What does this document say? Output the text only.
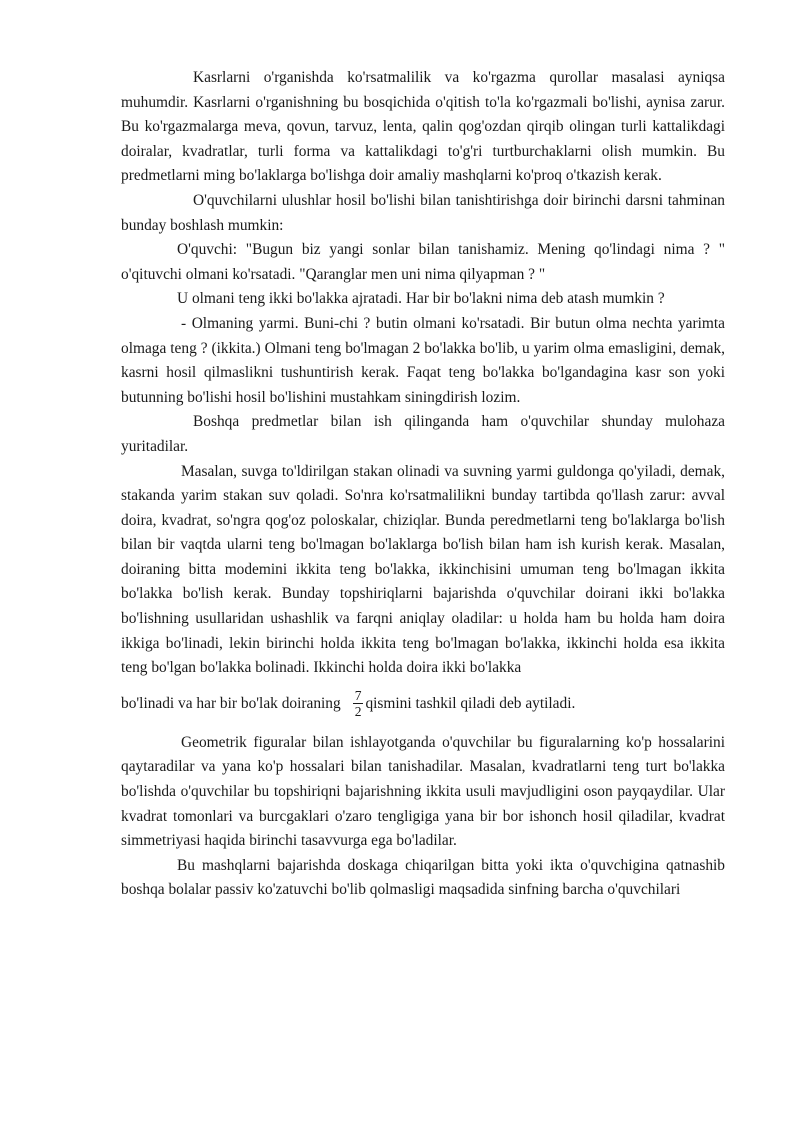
Kasrlarni o'rganishda ko'rsatmalilik va ko'rgazma qurollar masalasi ayniqsa muhumdir. Kasrlarni o'rganishning bu bosqichida o'qitish to'la ko'rgazmali bo'lishi, aynisa zarur. Bu ko'rgazmalarga meva, qovun, tarvuz, lenta, qalin qog'ozdan qirqib olingan turli kattalikdagi doiralar, kvadratlar, turli forma va kattalikdagi to'g'ri turtburchaklarni olish mumkin. Bu predmetlarni ming bo'laklarga bo'lishga doir amaliy mashqlarni ko'proq o'tkazish kerak.

O'quvchilarni ulushlar hosil bo'lishi bilan tanishtirishga doir birinchi darsni tahminan bunday boshlash mumkin:

O'quvchi: "Bugun biz yangi sonlar bilan tanishamiz. Mening qo'lindagi nima ? " o'qituvchi olmani ko'rsatadi. "Qaranglar men uni nima qilyapman ? "

U olmani teng ikki bo'lakka ajratadi. Har bir bo'lakni nima deb atash mumkin ?

- Olmaning yarmi. Buni-chi ? butin olmani ko'rsatadi. Bir butun olma nechta yarimta olmaga teng ? (ikkita.) Olmani teng bo'lmagan 2 bo'lakka bo'lib, u yarim olma emasligini, demak, kasrni hosil qilmaslikni tushuntirish kerak. Faqat teng bo'lakka bo'lgandagina kasr son yoki butunning bo'lishi hosil bo'lishini mustahkam siningdirish lozim.

Boshqa predmetlar bilan ish qilinganda ham o'quvchilar shunday mulohaza yuritadilar.

Masalan, suvga to'ldirilgan stakan olinadi va suvning yarmi guldonga qo'yiladi, demak, stakanda yarim stakan suv qoladi. So'nra ko'rsatmalilikni bunday tartibda qo'llash zarur: avval doira, kvadrat, so'ngra qog'oz poloskalar, chiziqlar. Bunda peredmetlarni teng bo'laklarga bo'lish bilan bir vaqtda ularni teng bo'lmagan bo'laklarga bo'lish bilan ham ish kurish kerak. Masalan, doiraning bitta modemini ikkita teng bo'lakka, ikkinchisini umuman teng bo'lmagan ikkita bo'lakka bo'lish kerak. Bunday topshiriqlarni bajarishda o'quvchilar doirani ikki bo'lakka bo'lishning usullaridan ushashlik va farqni aniqlay oladilar: u holda ham bu holda ham doira ikkiga bo'linadi, lekin birinchi holda ikkita teng bo'lmagan bo'lakka, ikkinchi holda esa ikkita teng bo'lgan bo'lakka bolinadi. Ikkinchi holda doira ikki bo'lakka

bo'linadi va har bir bo'lak doiraning $\frac{7}{2}$ qismini tashkil qiladi deb aytiladi.

Geometrik figuralar bilan ishlayotganda o'quvchilar bu figuralarning ko'p hossalarini qaytaradilar va yana ko'p hossalari bilan tanishadilar. Masalan, kvadratlarni teng turt bo'lakka bo'lishda o'quvchilar bu topshiriqni bajarishning ikkita usuli mavjudligini oson payqaydilar. Ular kvadrat tomonlari va burcgaklari o'zaro tengligiga yana bir bor ishonch hosil qiladilar, kvadrat simmetriyasi haqida birinchi tasavvurga ega bo'ladilar.

Bu mashqlarni bajarishda doskaga chiqarilgan bitta yoki ikta o'quvchigina qatnashib boshqa bolalar passiv ko'zatuvchi bo'lib qolmasligi maqsadida sinfning barcha o'quvchilari
